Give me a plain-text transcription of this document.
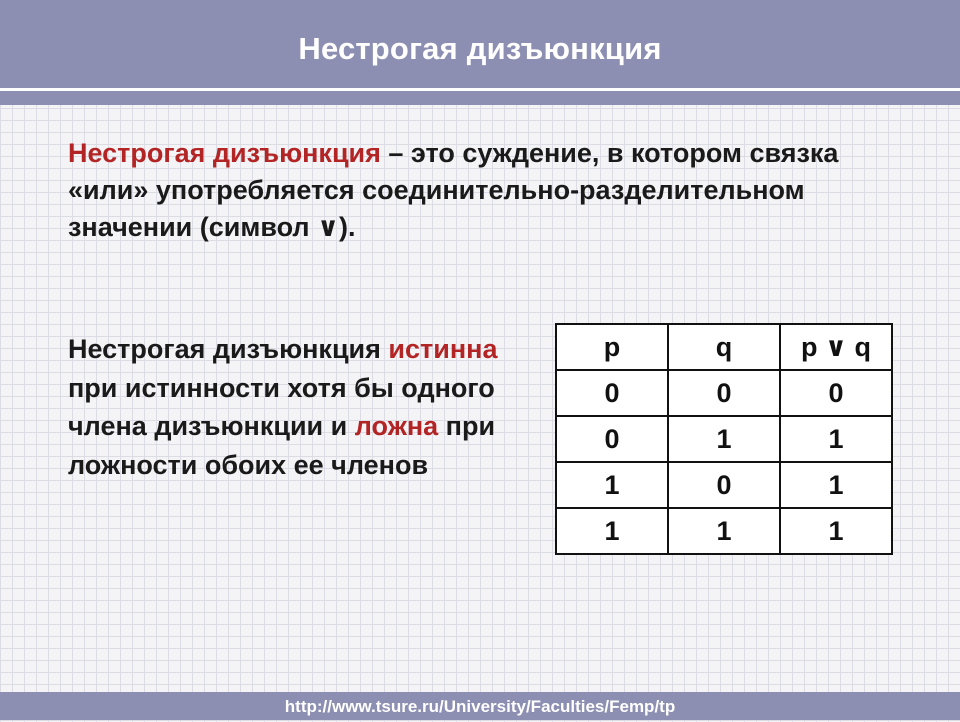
Нестрогая дизъюнкция
Нестрогая дизъюнкция – это суждение, в котором связка «или» употребляется соединительно-разделительном значении (символ ∨).
Нестрогая дизъюнкция истинна при истинности хотя бы одного члена дизъюнкции и ложна при ложности обоих ее членов
p	q	p ∨ q
0	0	0
0	1	1
1	0	1
1	1	1
http://www.tsure.ru/University/Faculties/Femp/tp
